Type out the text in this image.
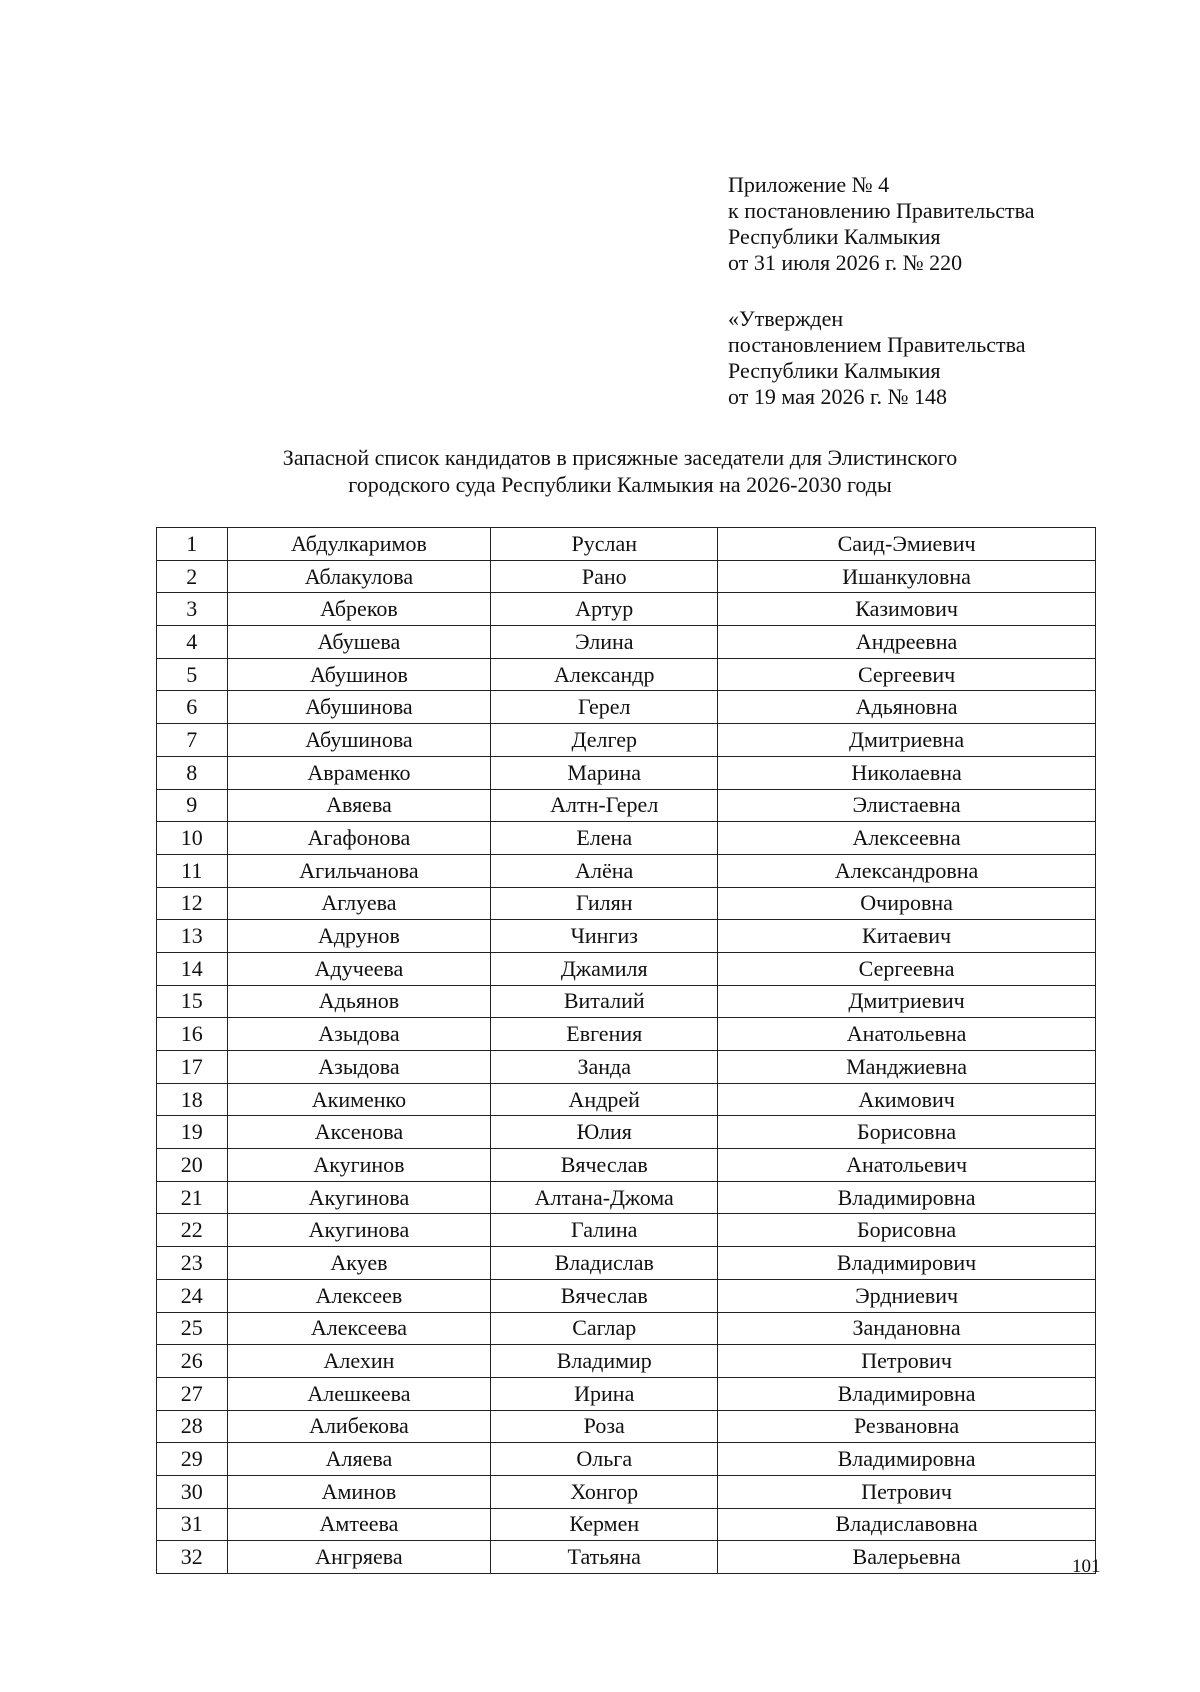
Приложение № 4
к постановлению Правительства
Республики Калмыкия
от 31 июля 2026 г. № 220
«Утвержден
постановлением Правительства
Республики Калмыкия
от 19 мая 2026 г. № 148
Запасной список кандидатов в присяжные заседатели для Элистинского
городского суда Республики Калмыкия на 2026-2030 годы
1	Абдулкаримов	Руслан	Саид-Эмиевич
2	Аблакулова	Рано	Ишанкуловна
3	Абреков	Артур	Казимович
4	Абушева	Элина	Андреевна
5	Абушинов	Александр	Сергеевич
6	Абушинова	Герел	Адьяновна
7	Абушинова	Делгер	Дмитриевна
8	Авраменко	Марина	Николаевна
9	Авяева	Алтн-Герел	Элистаевна
10	Агафонова	Елена	Алексеевна
11	Агильчанова	Алёна	Александровна
12	Аглуева	Гилян	Очировна
13	Адрунов	Чингиз	Китаевич
14	Адучеева	Джамиля	Сергеевна
15	Адьянов	Виталий	Дмитриевич
16	Азыдова	Евгения	Анатольевна
17	Азыдова	Занда	Манджиевна
18	Акименко	Андрей	Акимович
19	Аксенова	Юлия	Борисовна
20	Акугинов	Вячеслав	Анатольевич
21	Акугинова	Алтана-Джома	Владимировна
22	Акугинова	Галина	Борисовна
23	Акуев	Владислав	Владимирович
24	Алексеев	Вячеслав	Эрдниевич
25	Алексеева	Саглар	Зандановна
26	Алехин	Владимир	Петрович
27	Алешкеева	Ирина	Владимировна
28	Алибекова	Роза	Резвановна
29	Аляева	Ольга	Владимировна
30	Аминов	Хонгор	Петрович
31	Амтеева	Кермен	Владиславовна
32	Ангряева	Татьяна	Валерьевна	101
